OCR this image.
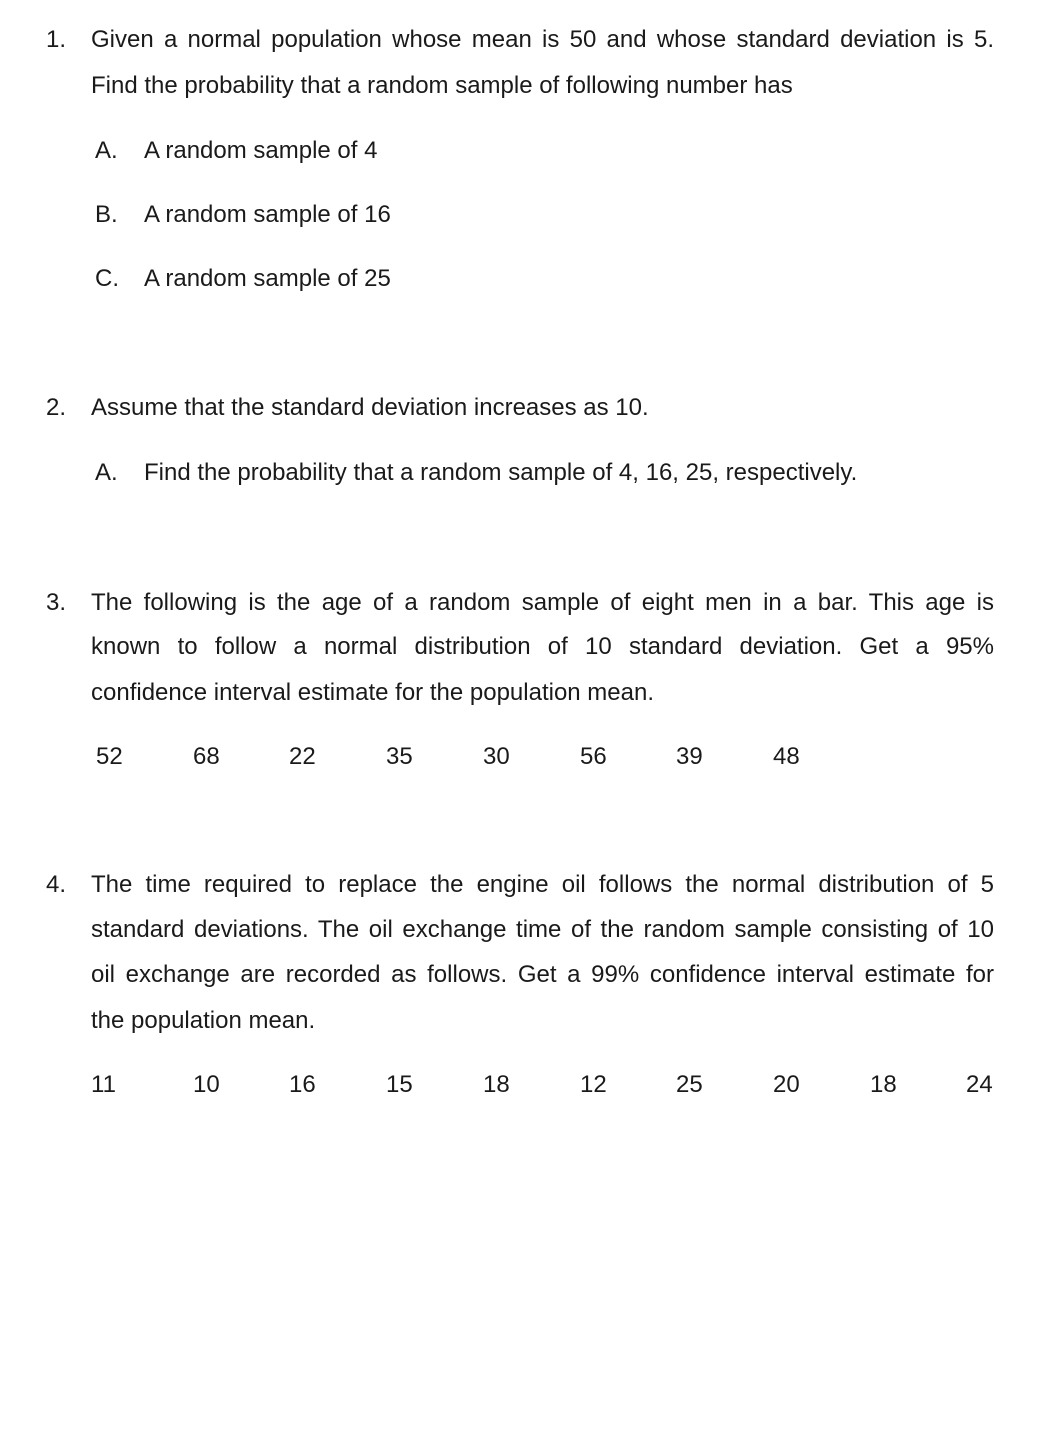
1. Given a normal population whose mean is 50 and whose standard deviation is 5.
Find the probability that a random sample of following number has
A. A random sample of 4
B. A random sample of 16
C. A random sample of 25
2. Assume that the standard deviation increases as 10.
A. Find the probability that a random sample of 4, 16, 25, respectively.
3. The following is the age of a random sample of eight men in a bar. This age is
known to follow a normal distribution of 10 standard deviation. Get a 95%
confidence interval estimate for the population mean.
52	68	22	35	30	56	39	48
4. The time required to replace the engine oil follows the normal distribution of 5
standard deviations. The oil exchange time of the random sample consisting of 10
oil exchange are recorded as follows. Get a 99% confidence interval estimate for
the population mean.
11	10	16	15	18	12	25	20	18	24
